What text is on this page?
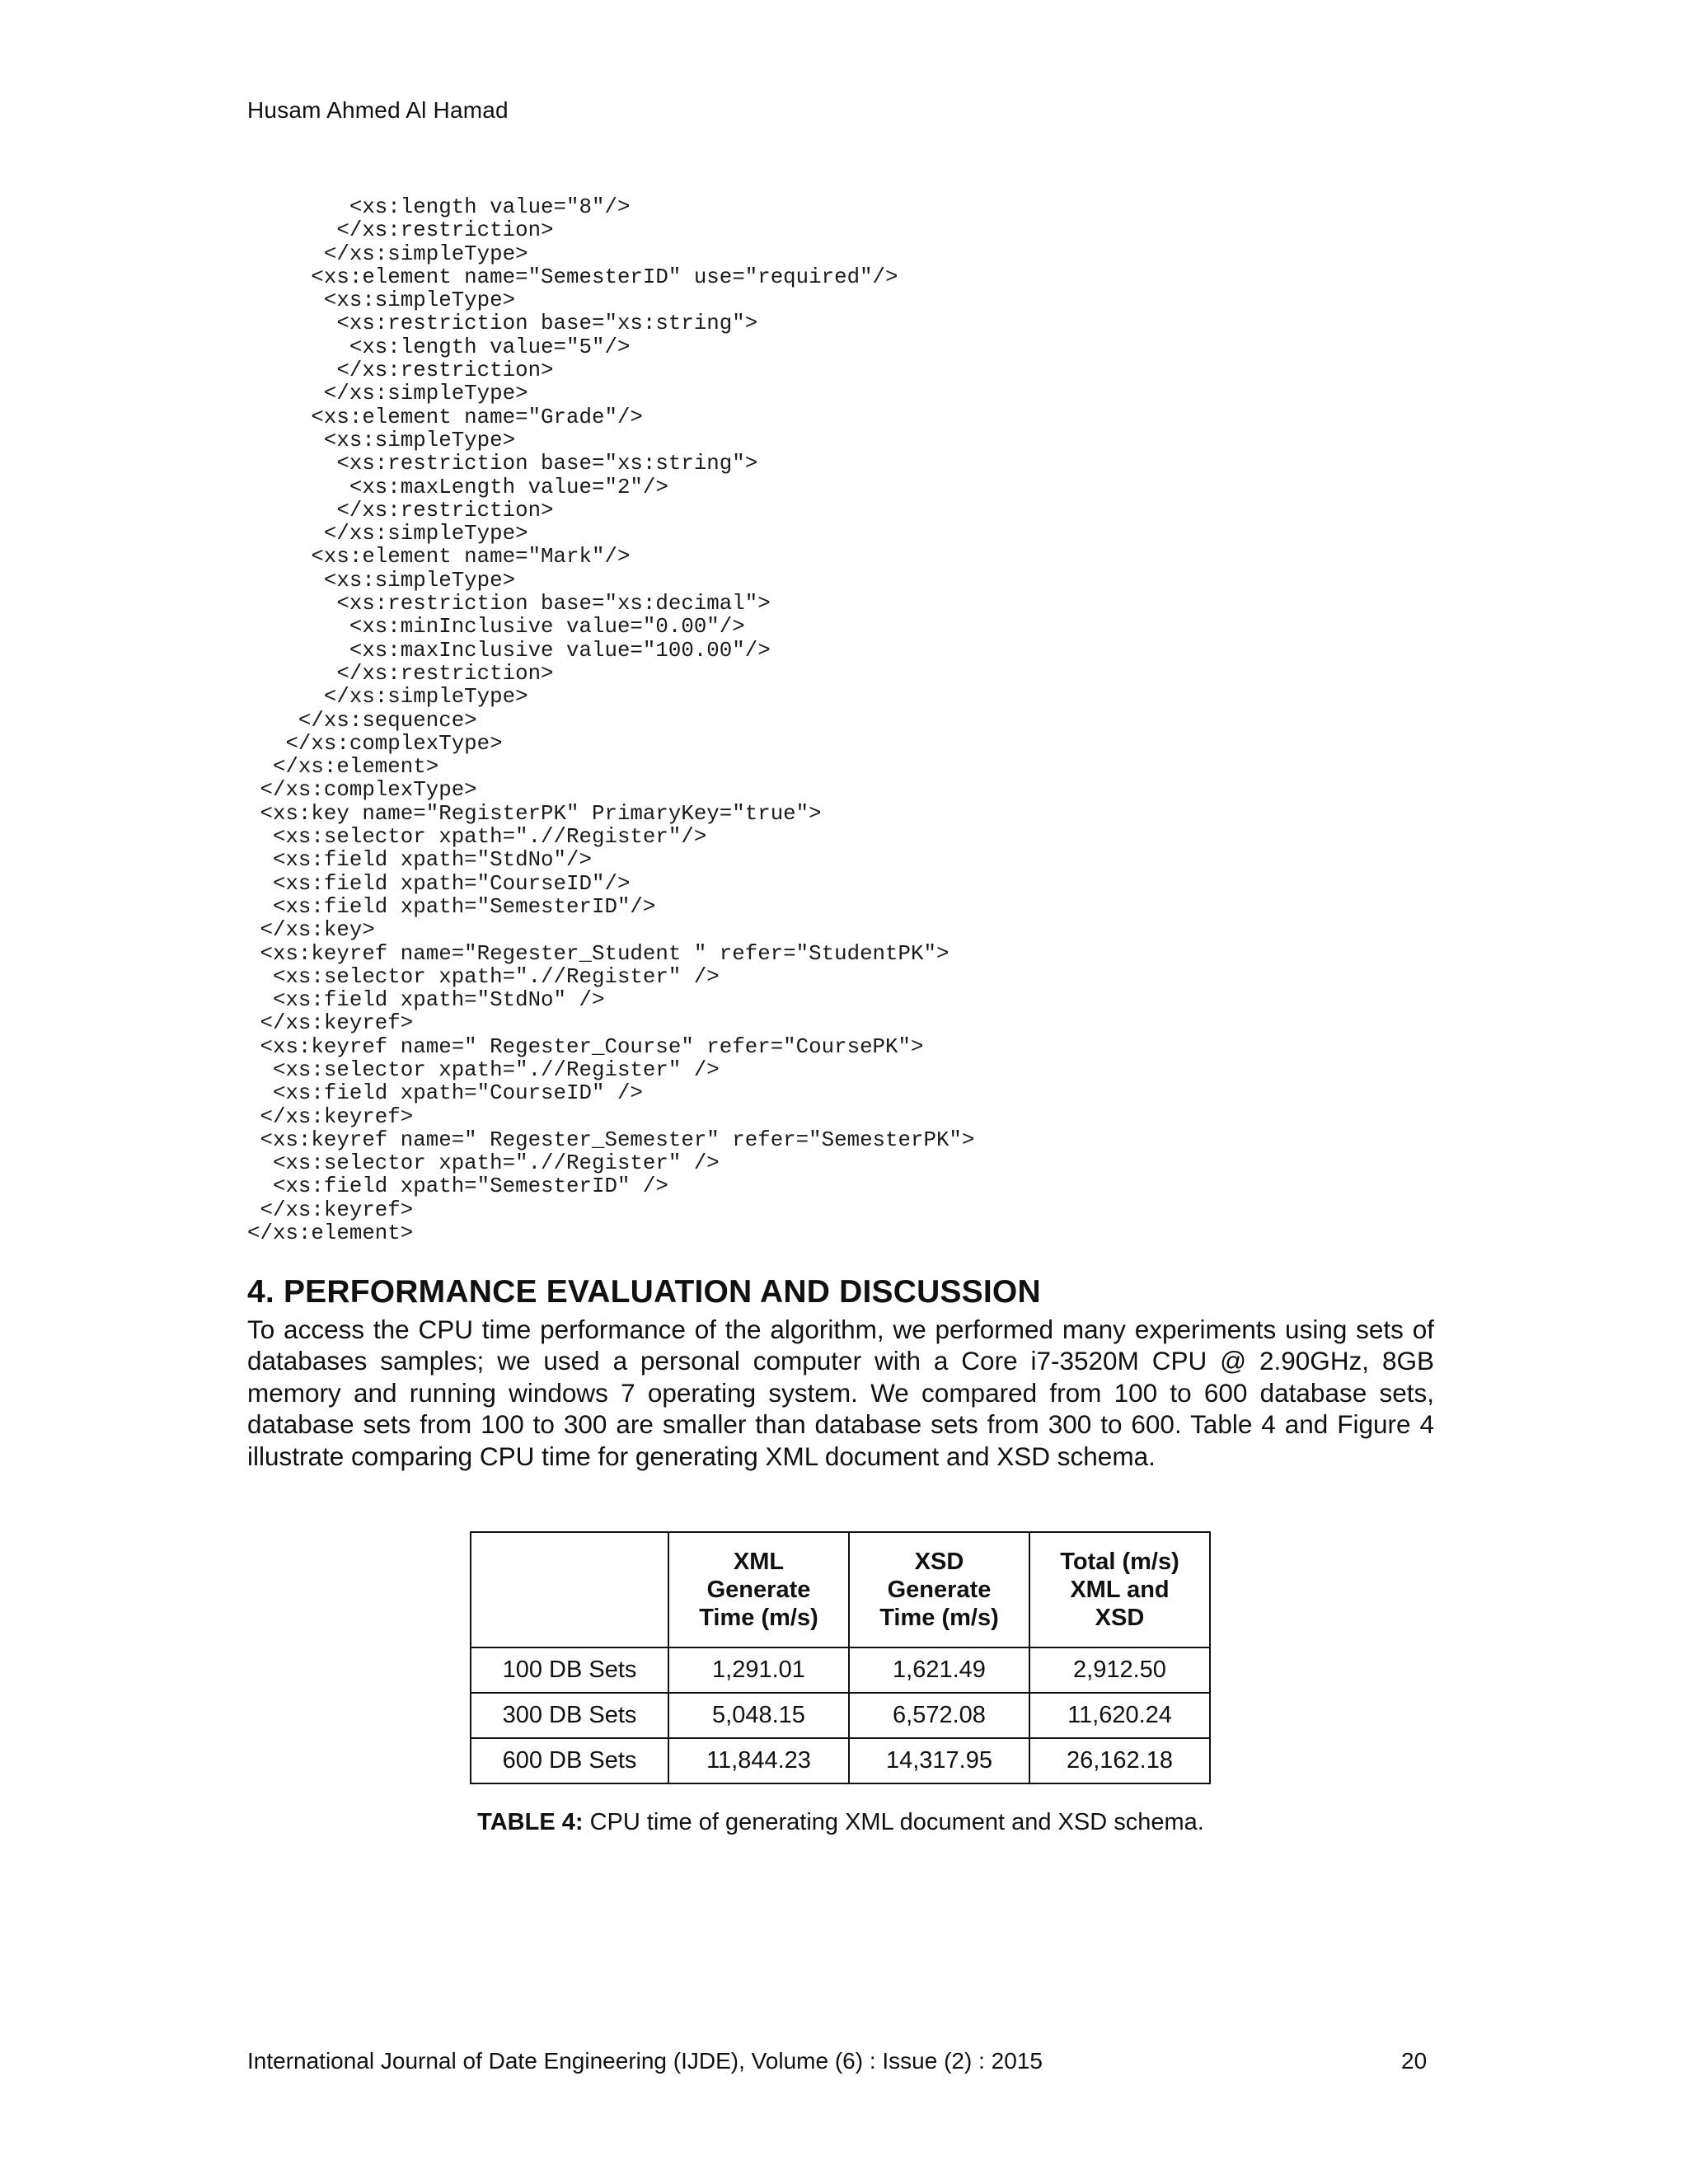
Husam Ahmed Al Hamad
<xs:length value="8"/>
</xs:restriction>
</xs:simpleType>
<xs:element name="SemesterID" use="required"/>
<xs:simpleType>
<xs:restriction base="xs:string">
<xs:length value="5"/>
</xs:restriction>
</xs:simpleType>
<xs:element name="Grade"/>
<xs:simpleType>
<xs:restriction base="xs:string">
<xs:maxLength value="2"/>
</xs:restriction>
</xs:simpleType>
<xs:element name="Mark"/>
<xs:simpleType>
<xs:restriction base="xs:decimal">
<xs:minInclusive value="0.00"/>
<xs:maxInclusive value="100.00"/>
</xs:restriction>
</xs:simpleType>
</xs:sequence>
</xs:complexType>
</xs:element>
</xs:complexType>
<xs:key name="RegisterPK" PrimaryKey="true">
<xs:selector xpath=".//Register"/>
<xs:field xpath="StdNo"/>
<xs:field xpath="CourseID"/>
<xs:field xpath="SemesterID"/>
</xs:key>
<xs:keyref name="Regester_Student " refer="StudentPK">
<xs:selector xpath=".//Register" />
<xs:field xpath="StdNo" />
</xs:keyref>
<xs:keyref name=" Regester_Course" refer="CoursePK">
<xs:selector xpath=".//Register" />
<xs:field xpath="CourseID" />
</xs:keyref>
<xs:keyref name=" Regester_Semester" refer="SemesterPK">
<xs:selector xpath=".//Register" />
<xs:field xpath="SemesterID" />
</xs:keyref>
</xs:element>
4. PERFORMANCE EVALUATION AND DISCUSSION

To access the CPU time performance of the algorithm, we performed many experiments using sets of databases samples; we used a personal computer with a Core i7-3520M CPU @ 2.90GHz, 8GB memory and running windows 7 operating system. We compared from 100 to 600 database sets, database sets from 100 to 300 are smaller than database sets from 300 to 600. Table 4 and Figure 4 illustrate comparing CPU time for generating XML document and XSD schema.

	XML
Generate
Time (m/s)	XSD
Generate
Time (m/s)	Total (m/s)
XML and
XSD
100 DB Sets	1,291.01	1,621.49	2,912.50
300 DB Sets	5,048.15	6,572.08	11,620.24
600 DB Sets	11,844.23	14,317.95	26,162.18
TABLE 4: CPU time of generating XML document and XSD schema.
International Journal of Date Engineering (IJDE), Volume (6) : Issue (2) : 2015	20
